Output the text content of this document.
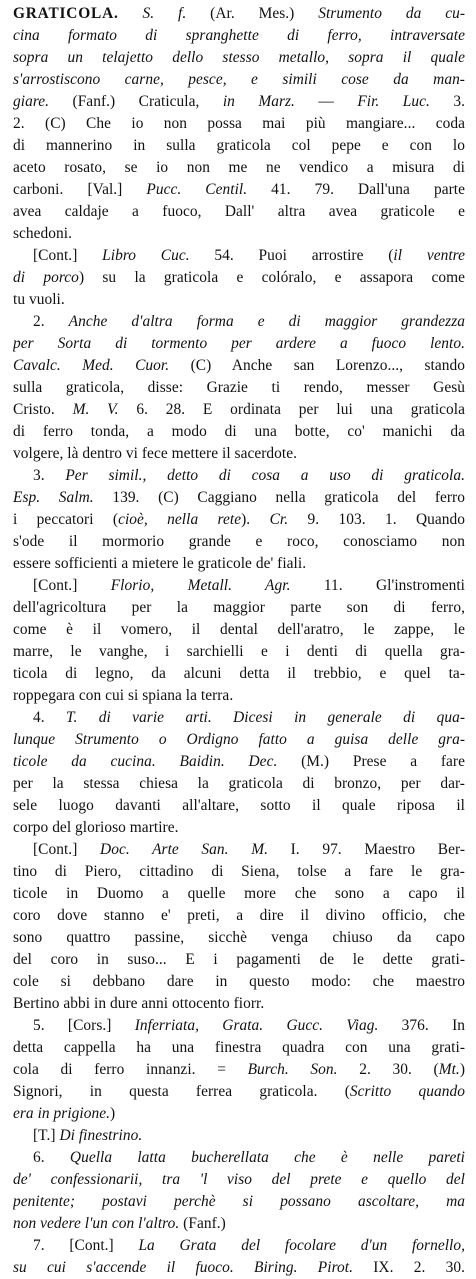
GRATICOLA. S. f. (Ar. Mes.) Strumento da cu-
cina formato di spranghette di ferro, intraversate
sopra un telajetto dello stesso metallo, sopra il quale
s'arrostiscono carne, pesce, e simili cose da man-
giare. (Fanf.) Craticula, in Marz. — Fir. Luc. 3.
2. (C) Che io non possa mai più mangiare... coda
di mannerino in sulla graticola col pepe e con lo
aceto rosato, se io non me ne vendico a misura di
carboni. [Val.] Pucc. Centil. 41. 79. Dall'una parte
avea caldaje a fuoco, Dall' altra avea graticole e
schedoni.
[Cont.] Libro Cuc. 54. Puoi arrostire (il ventre
di porco) su la graticola e colóralo, e assapora come
tu vuoli.
2. Anche d'altra forma e di maggior grandezza
per Sorta di tormento per ardere a fuoco lento.
Cavalc. Med. Cuor. (C) Anche san Lorenzo..., stando
sulla graticola, disse: Grazie ti rendo, messer Gesù
Cristo. M. V. 6. 28. E ordinata per lui una graticola
di ferro tonda, a modo di una botte, co' manichi da
volgere, là dentro vi fece mettere il sacerdote.
3. Per simil., detto di cosa a uso di graticola.
Esp. Salm. 139. (C) Caggiano nella graticola del ferro
i peccatori (cioè, nella rete). Cr. 9. 103. 1. Quando
s'ode il mormorio grande e roco, conosciamo non
essere sofficienti a mietere le graticole de' fiali.
[Cont.] Florio, Metall. Agr. 11. Gl'instromenti
dell'agricoltura per la maggior parte son di ferro,
come è il vomero, il dental dell'aratro, le zappe, le
marre, le vanghe, i sarchielli e i denti di quella gra-
ticola di legno, da alcuni detta il trebbio, e quel ta-
roppegara con cui si spiana la terra.
4. T. di varie arti. Dicesi in generale di qua-
lunque Strumento o Ordigno fatto a guisa delle gra-
ticole da cucina. Baidin. Dec. (M.) Prese a fare
per la stessa chiesa la graticola di bronzo, per dar-
sele luogo davanti all'altare, sotto il quale riposa il
corpo del glorioso martire.
[Cont.] Doc. Arte San. M. I. 97. Maestro Ber-
tino di Piero, cittadino di Siena, tolse a fare le gra-
ticole in Duomo a quelle more che sono a capo il
coro dove stanno e' preti, a dire il divino officio, che
sono quattro passine, sicchè venga chiuso da capo
del coro in suso... E i pagamenti de le dette grati-
cole si debbano dare in questo modo: che maestro
Bertino abbi in dure anni ottocento fiorr.
5. [Cors.] Inferriata, Grata. Gucc. Viag. 376. In
detta cappella ha una finestra quadra con una grati-
cola di ferro innanzi. = Burch. Son. 2. 30. (Mt.)
Signori, in questa ferrea graticola. (Scritto quando
era in prigione.)
[T.] Di finestrino.
6. Quella latta bucherellata che è nelle pareti
de' confessionarii, tra 'l viso del prete e quello del
penitente; postavi perchè si possano ascoltare, ma
non vedere l'un con l'altro. (Fanf.)
7. [Cont.] La Grata del focolare d'un fornello,
su cui s'accende il fuoco. Biring. Pirot. IX. 2. 30.
